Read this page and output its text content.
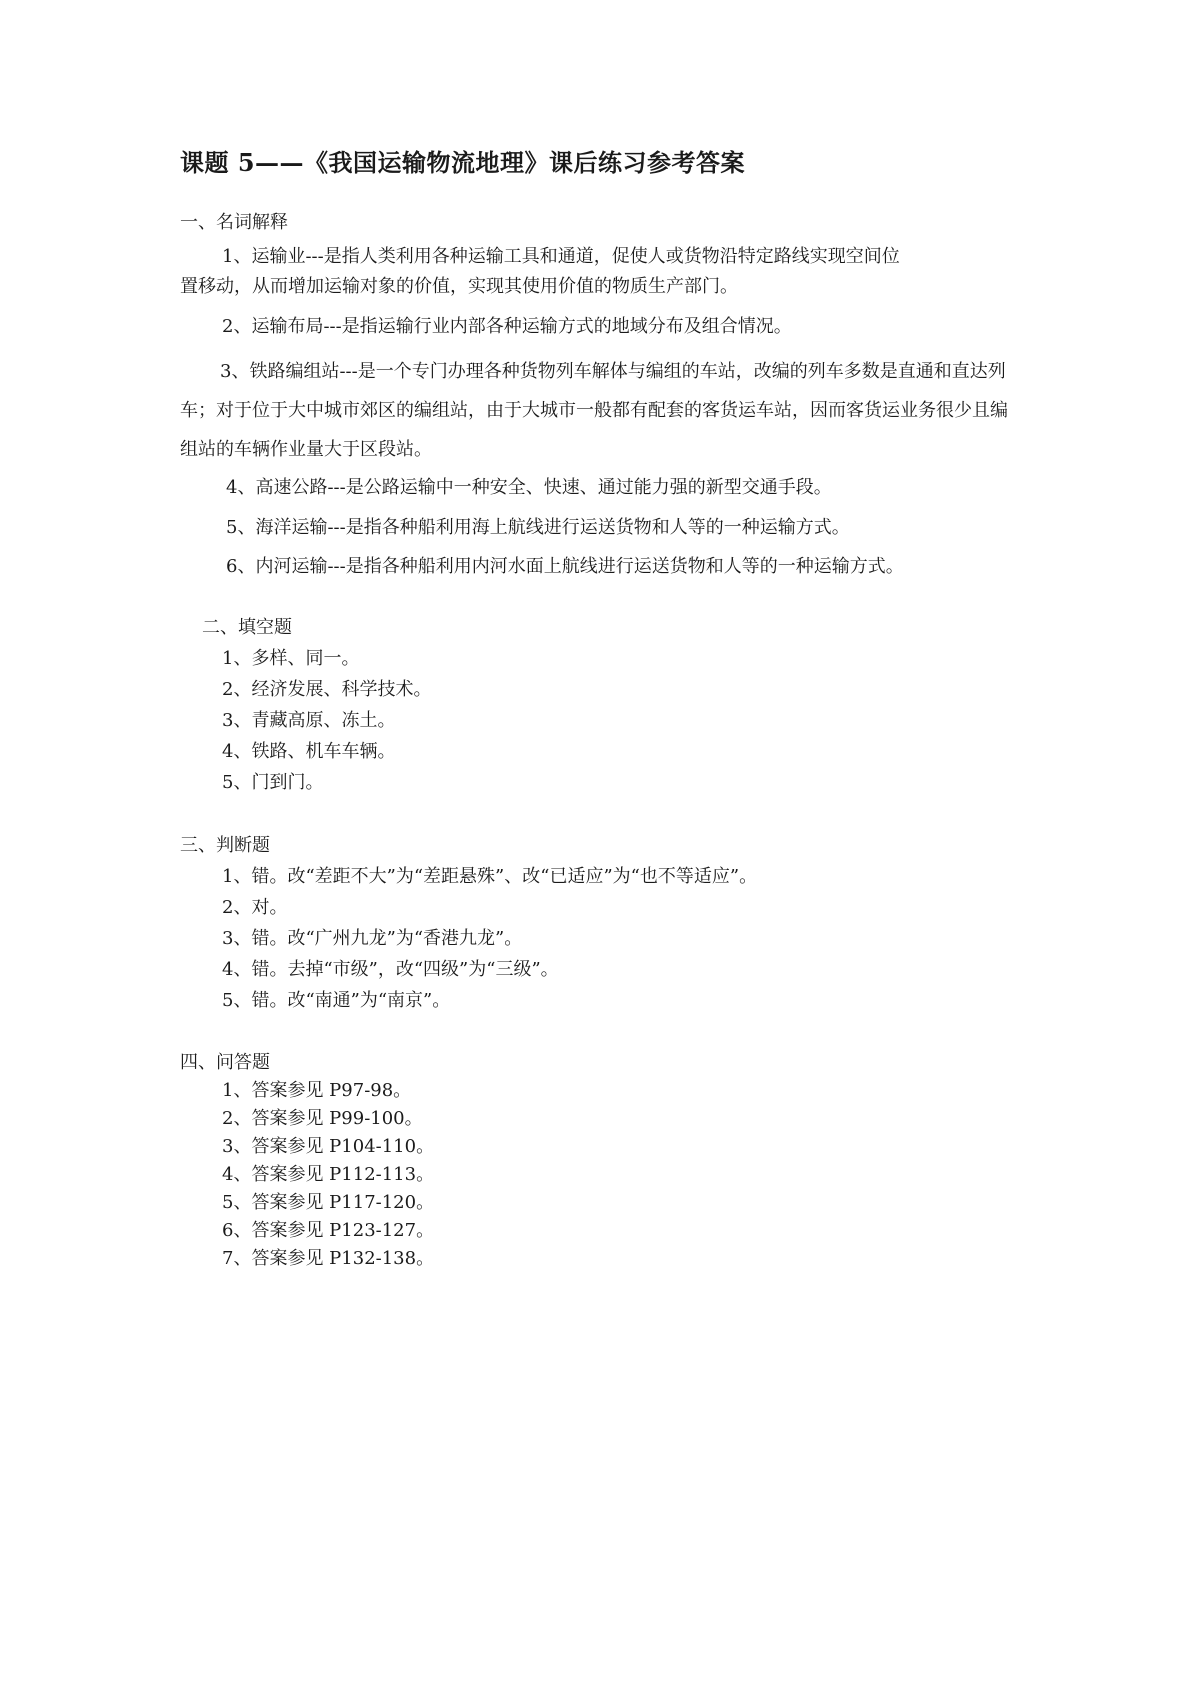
课题 5——《我国运输物流地理》课后练习参考答案
一、名词解释
1、运输业---是指人类利用各种运输工具和通道，促使人或货物沿特定路线实现空间位
置移动，从而增加运输对象的价值，实现其使用价值的物质生产部门。
2、运输布局---是指运输行业内部各种运输方式的地域分布及组合情况。
3、铁路编组站---是一个专门办理各种货物列车解体与编组的车站，改编的列车多数是直通和直达列车；对于位于大中城市郊区的编组站，由于大城市一般都有配套的客货运车站，因而客货运业务很少且编组站的车辆作业量大于区段站。
4、高速公路---是公路运输中一种安全、快速、通过能力强的新型交通手段。
5、海洋运输---是指各种船利用海上航线进行运送货物和人等的一种运输方式。
6、内河运输---是指各种船利用内河水面上航线进行运送货物和人等的一种运输方式。
二、填空题
1、多样、同一。
2、经济发展、科学技术。
3、青藏高原、冻土。
4、铁路、机车车辆。
5、门到门。
三、判断题
1、错。改“差距不大”为“差距悬殊”、改“已适应”为“也不等适应”。
2、对。
3、错。改“广州九龙”为“香港九龙”。
4、错。去掉“市级”，改“四级”为“三级”。
5、错。改“南通”为“南京”。
四、问答题
1、答案参见 P97-98。
2、答案参见 P99-100。
3、答案参见 P104-110。
4、答案参见 P112-113。
5、答案参见 P117-120。
6、答案参见 P123-127。
7、答案参见 P132-138。
